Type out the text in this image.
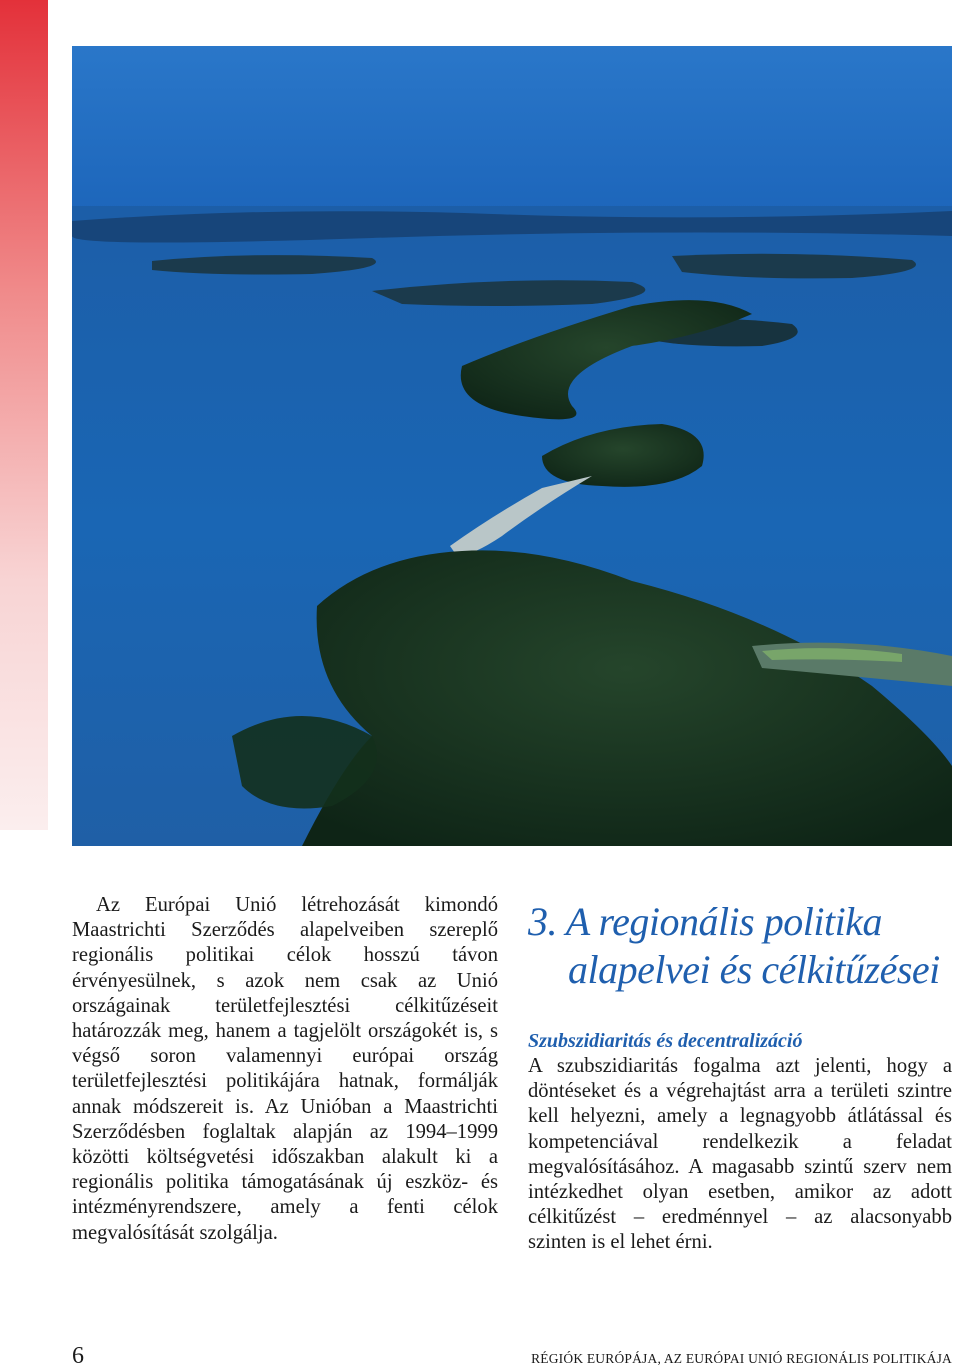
Az Európai Unió létrehozását kimondó Maastrichti Szerződés alapelveiben szereplő regionális politikai célok hosszú távon érvényesülnek, s azok nem csak az Unió országainak területfejlesztési célkitűzéseit határozzák meg, hanem a tagjelölt országokét is, s végső soron valamennyi európai ország területfejlesztési politikájára hatnak, formálják annak módszereit is. Az Unióban a Maastrichti Szerződésben foglaltak alapján az 1994–1999 közötti költségvetési időszakban alakult ki a regionális politika támogatásának új eszköz- és intézményrendszere, amely a fenti célok megvalósítását szolgálja.

3. A regionális politika
alapelvei és célkitűzései
Szubszidiaritás és decentralizáció

A szubszidiaritás fogalma azt jelenti, hogy a döntéseket és a végrehajtást arra a területi szintre kell helyezni, amely a legnagyobb átlátással és kompetenciával rendelkezik a feladat megvalósításához. A magasabb szintű szerv nem intézkedhet olyan esetben, amikor az adott célkitűzést – eredménnyel – az alacsonyabb szinten is el lehet érni.

6	RÉGIÓK EURÓPÁJA, AZ EURÓPAI UNIÓ REGIONÁLIS POLITIKÁJA
